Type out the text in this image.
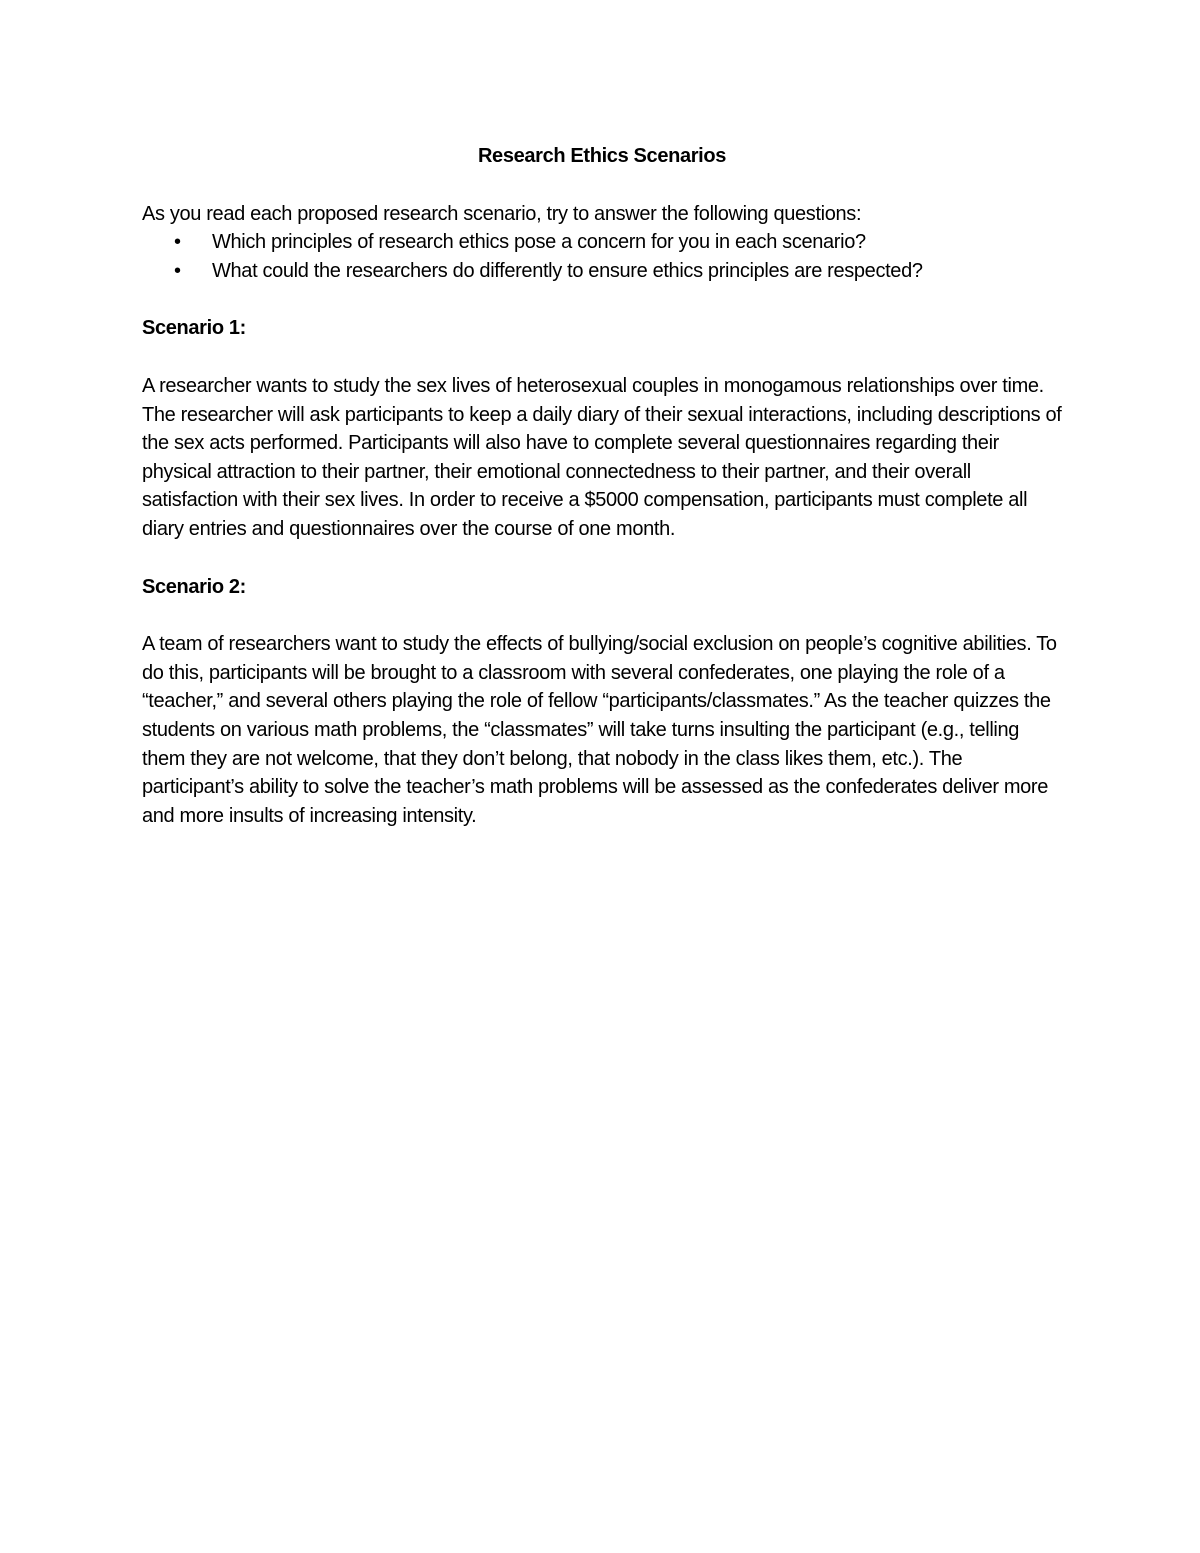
Research Ethics Scenarios

As you read each proposed research scenario, try to answer the following questions:

• Which principles of research ethics pose a concern for you in each scenario?
• What could the researchers do differently to ensure ethics principles are respected?

Scenario 1:

A researcher wants to study the sex lives of heterosexual couples in monogamous relationships over time. The researcher will ask participants to keep a daily diary of their sexual interactions, including descriptions of the sex acts performed. Participants will also have to complete several questionnaires regarding their physical attraction to their partner, their emotional connectedness to their partner, and their overall satisfaction with their sex lives. In order to receive a $5000 compensation, participants must complete all diary entries and questionnaires over the course of one month.

Scenario 2:

A team of researchers want to study the effects of bullying/social exclusion on people’s cognitive abilities. To do this, participants will be brought to a classroom with several confederates, one playing the role of a “teacher,” and several others playing the role of fellow “participants/classmates.” As the teacher quizzes the students on various math problems, the “classmates” will take turns insulting the participant (e.g., telling them they are not welcome, that they don’t belong, that nobody in the class likes them, etc.). The participant’s ability to solve the teacher’s math problems will be assessed as the confederates deliver more and more insults of increasing intensity.
